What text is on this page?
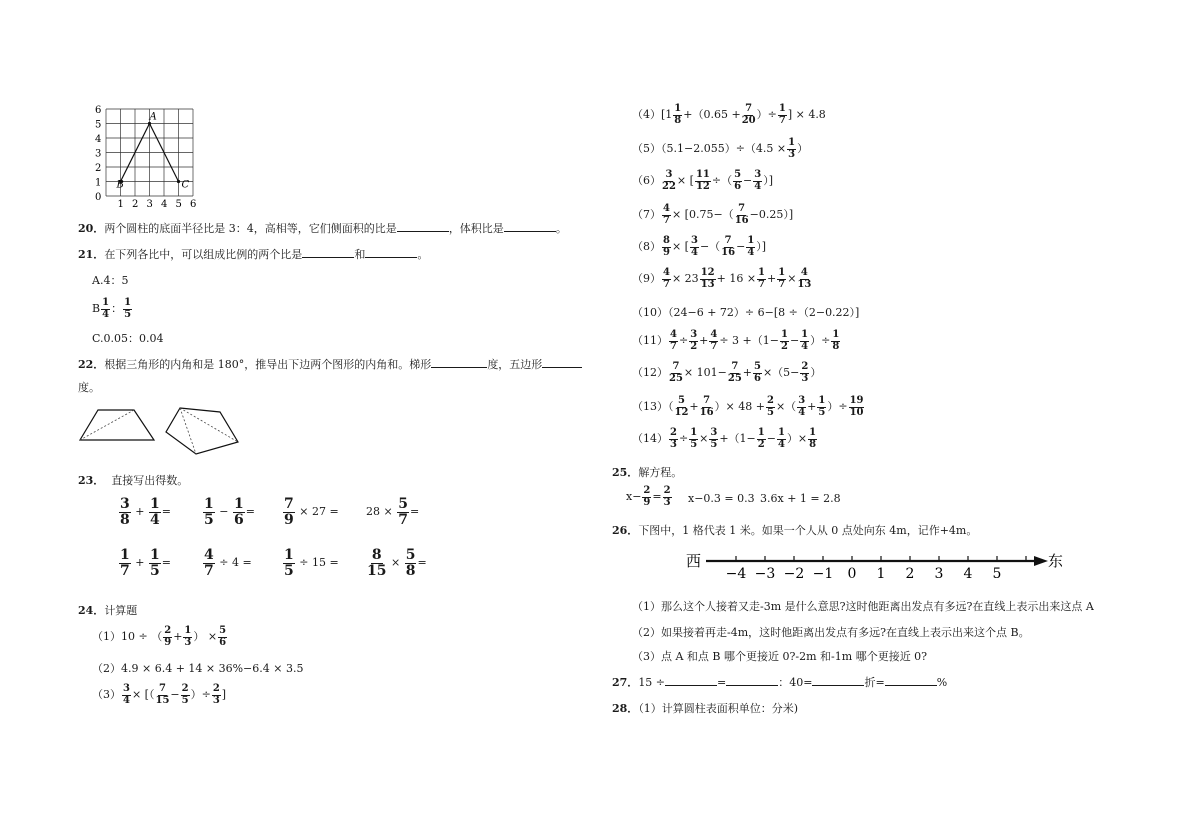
0
1
2
3
4
5
6
1 2 3 4 5 6
A
B	C
20．两个圆柱的底面半径比是 3：4，高相等，它们侧面积的比是	，体积比是	。
21．在下列各比中，可以组成比例的两个比是	和	。
A.4：5
B $\frac{1}{4}$ ： $\frac{1}{5}$
C.0.05：0.04
22．根据三角形的内角和是 180°，推导出下边两个图形的内角和。梯形	度，五边形
度。
23． 直接写出得数。
$\frac{3}{8} + \frac{1}{4} = \frac{1}{5} - \frac{1}{6} = \frac{7}{9} \times 27 = 28 \times \frac{5}{7}$ =
$\frac{1}{7} + \frac{1}{5} = \frac{4}{7} \div 4 = \frac{1}{5} \div 15 = \frac{8}{15} \times \frac{5}{8}$ =
24．计算题
（1）10 ÷ （ $\frac{2}{9} + \frac{1}{3}$ ） × $\frac{5}{6}$
（2）4.9 × 6.4 + 14 × 36%−6.4 × 3.5
$(3) \frac{3}{4}$ × [（ $\frac{7}{15} - \frac{2}{5}$ ）÷ $\frac{2}{3}$ ]
$(4)[1 \frac{1}{8} +(0.65 + \frac{7}{20}$ ）÷ $\frac{1}{7}$ ] × 4.8
$(5)(5.1-2.055)\div(4.5 \times \frac{1}{3}$ ）
$(6) \frac{3}{22}$ × [ $\frac{11}{12}$ ÷（ $\frac{5}{6} - \frac{3}{4}$ ）]
$(7) \frac{4}{7} \times [0.75-( \frac{7}{16} -0.25)]$
$(8) \frac{8}{9}$ × [ $\frac{3}{4}$ −（ $\frac{7}{16} - \frac{1}{4}$ ）]
$(9) \frac{4}{7} \times 23 \frac{12}{13} + 16 \times \frac{1}{7} + \frac{1}{7} \times \frac{4}{13}$
（10）（24−6 + 72）÷ 6−[8 ÷（2−0.22）]
$(11) \frac{4}{7} \div \frac{3}{2} + \frac{4}{7} \div 3 +(1- \frac{1}{2} - \frac{1}{4}$ ）÷ $\frac{1}{8}$
$(12) \frac{7}{25} \times 101- \frac{7}{25} + \frac{5}{6} \times(5- \frac{2}{3}$ ）
$(13)( \frac{5}{12} + \frac{7}{16}$ ）× $48 + \frac{2}{5}$ ×（ $\frac{3}{4} + \frac{1}{5}$ ）÷ $\frac{19}{10}$
$(14) \frac{2}{3} \div \frac{1}{5} \times \frac{3}{5} +(1- \frac{1}{2} - \frac{1}{4}$ ）× $\frac{1}{8}$
25．解方程。
$x- \frac{2}{9} = \frac{2}{3} x-0.3 = 0.3$ 3.6x + 1 = 2.8
26．下图中，1 格代表 1 米。如果一个人从 0 点处向东 4m，记作+4m。
西	东
−4 −3 −2 −1 0 1 2 3 4 5
（1）那么这个人接着又走-3m 是什么意思?这时他距离出发点有多远?在直线上表示出来这点 A
（2）如果接着再走-4m，这时他距离出发点有多远?在直线上表示出来这个点 B。
（3）点 A 和点 B 哪个更接近 0?-2m 和-1m 哪个更接近 0?
27．15 ÷	=	：40=	折=	%
28．（1）计算圆柱表面积单位：分米)
